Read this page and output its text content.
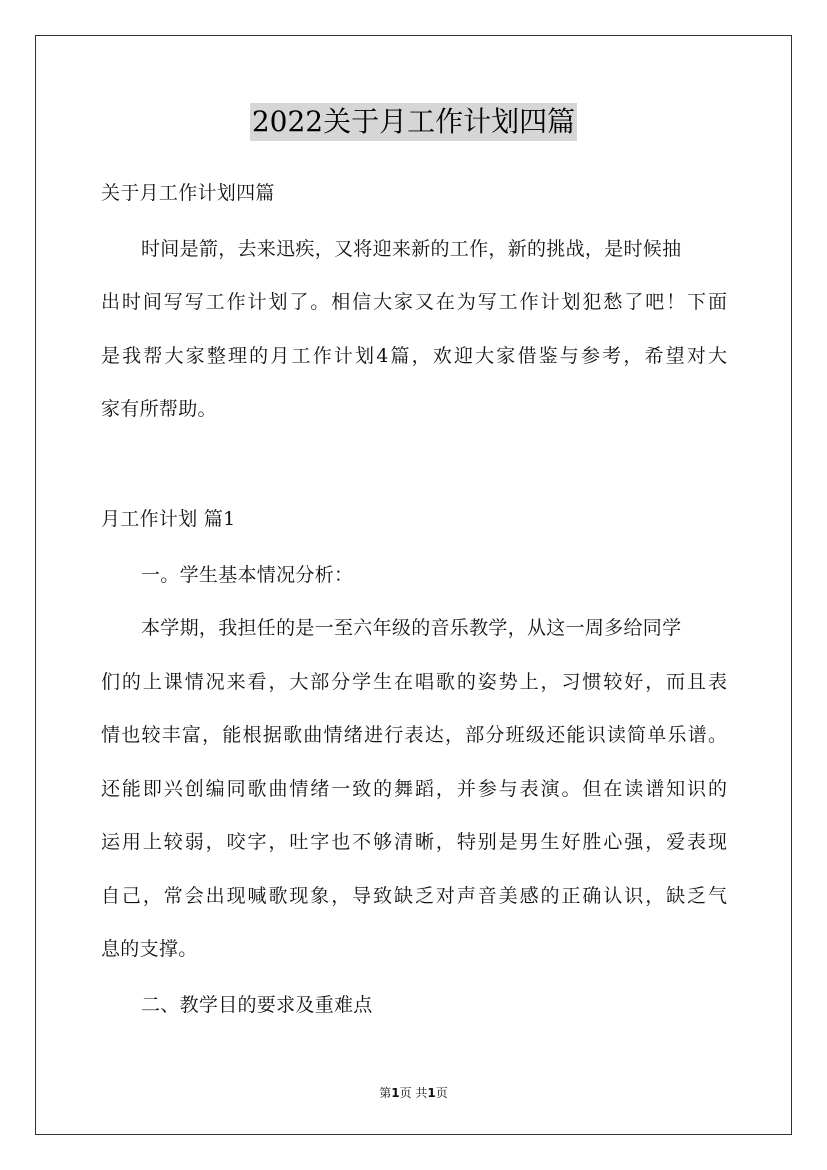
2022关于月工作计划四篇
关于月工作计划四篇
时间是箭，去来迅疾，又将迎来新的工作，新的挑战，是时候抽
出时间写写工作计划了。相信大家又在为写工作计划犯愁了吧！下面
是我帮大家整理的月工作计划4篇，欢迎大家借鉴与参考，希望对大
家有所帮助。
月工作计划 篇1
一。学生基本情况分析：
本学期，我担任的是一至六年级的音乐教学，从这一周多给同学
们的上课情况来看，大部分学生在唱歌的姿势上，习惯较好，而且表
情也较丰富，能根据歌曲情绪进行表达，部分班级还能识读简单乐谱。
还能即兴创编同歌曲情绪一致的舞蹈，并参与表演。但在读谱知识的
运用上较弱，咬字，吐字也不够清晰，特别是男生好胜心强，爱表现
自己，常会出现喊歌现象，导致缺乏对声音美感的正确认识，缺乏气
息的支撑。
二、教学目的要求及重难点
第1页 共1页
